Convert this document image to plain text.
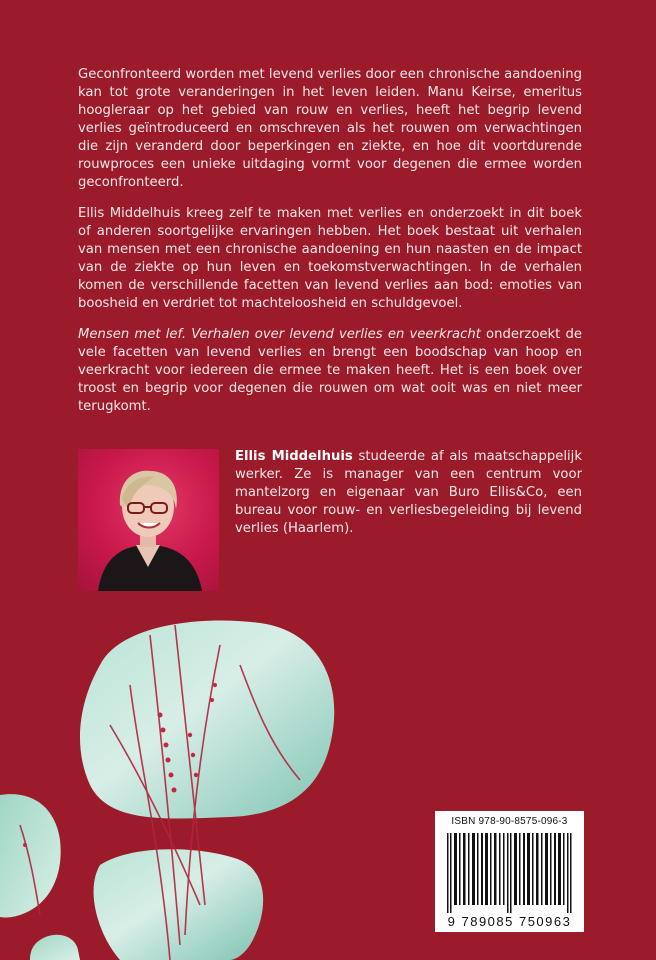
Geconfronteerd worden met levend verlies door een chronische aandoening kan tot grote veranderingen in het leven leiden. Manu Keirse, emeritus hoogleraar op het gebied van rouw en verlies, heeft het begrip levend verlies geïntroduceerd en omschreven als het rouwen om verwachtingen die zijn veranderd door beperkingen en ziekte, en hoe dit voortdurende rouwproces een unieke uitdaging vormt voor degenen die ermee worden geconfronteerd.
Ellis Middelhuis kreeg zelf te maken met verlies en onderzoekt in dit boek of anderen soortgelijke ervaringen hebben. Het boek bestaat uit verhalen van mensen met een chronische aandoening en hun naasten en de impact van de ziekte op hun leven en toekomstverwachtingen. In de verhalen komen de verschillende facetten van levend verlies aan bod: emoties van boosheid en verdriet tot machteloosheid en schuldgevoel.
Mensen met lef. Verhalen over levend verlies en veerkracht onderzoekt de vele facetten van levend verlies en brengt een boodschap van hoop en veerkracht voor iedereen die ermee te maken heeft. Het is een boek over troost en begrip voor degenen die rouwen om wat ooit was en niet meer terugkomt.
Ellis Middelhuis studeerde af als maatschappelijk werker. Ze is manager van een centrum voor mantelzorg en eigenaar van Buro Ellis&Co, een bureau voor rouw- en verliesbegeleiding bij levend verlies (Haarlem).
ISBN 978-90-8575-096-3
9 789085 750963
